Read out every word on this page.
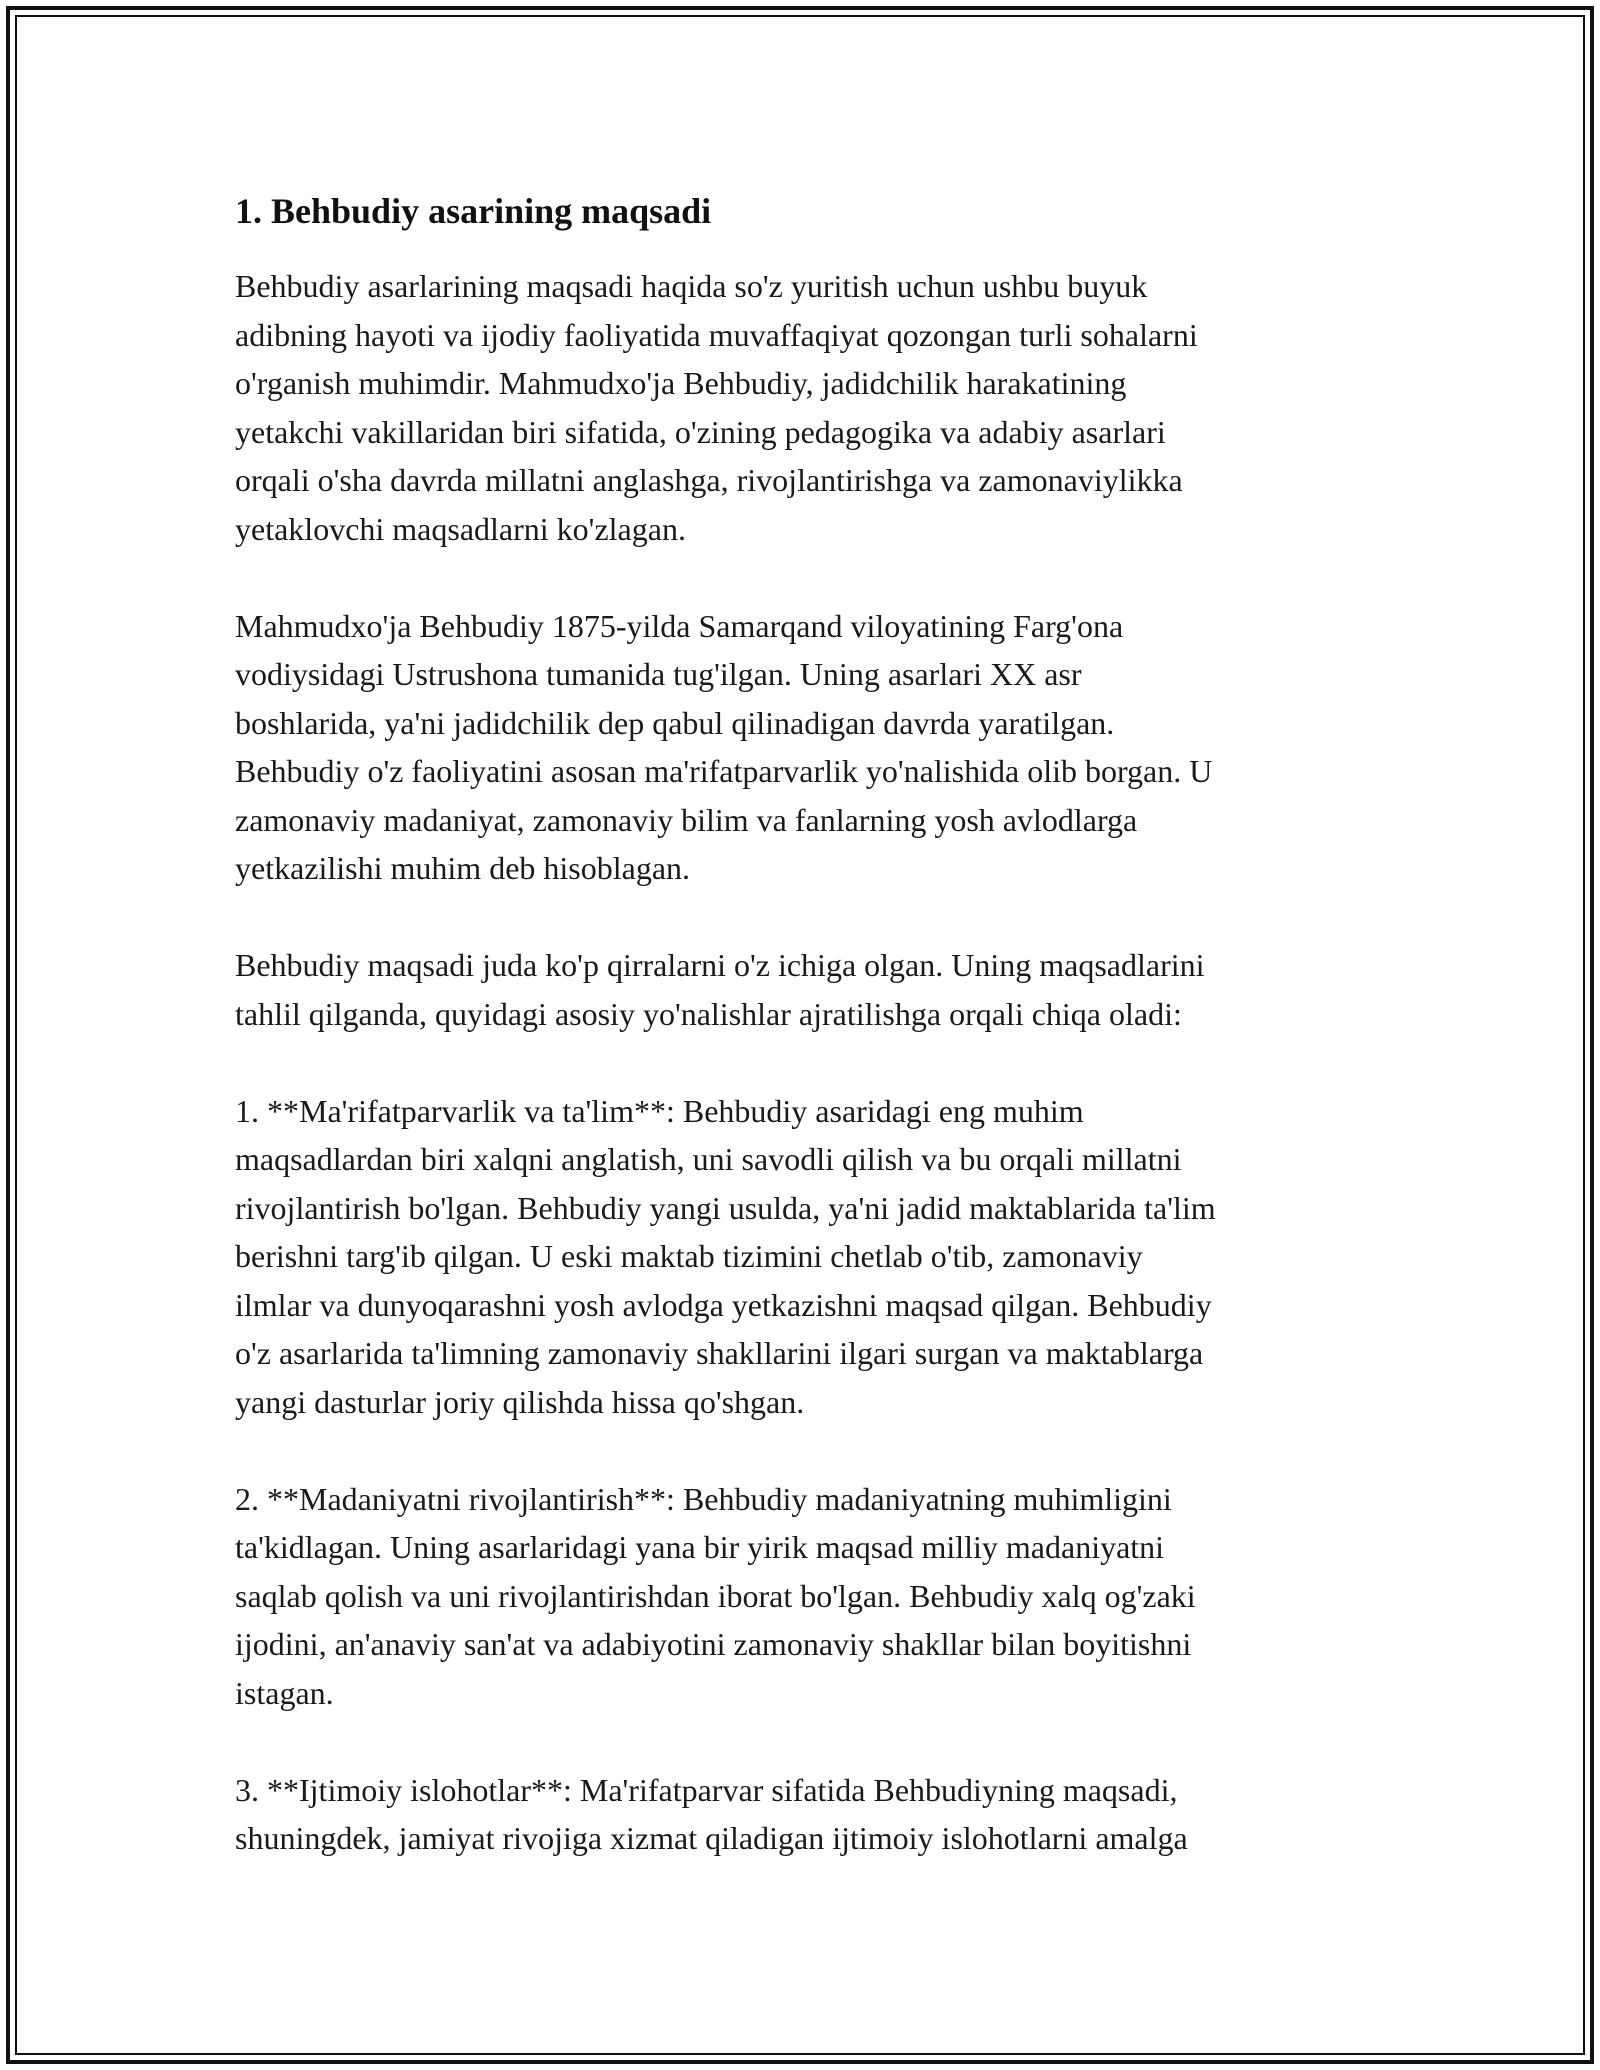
1. Behbudiy asarining maqsadi

Behbudiy asarlarining maqsadi haqida so'z yuritish uchun ushbu buyuk
adibning hayoti va ijodiy faoliyatida muvaffaqiyat qozongan turli sohalarni
o'rganish muhimdir. Mahmudxo'ja Behbudiy, jadidchilik harakatining
yetakchi vakillaridan biri sifatida, o'zining pedagogika va adabiy asarlari
orqali o'sha davrda millatni anglashga, rivojlantirishga va zamonaviylikka
yetaklovchi maqsadlarni ko'zlagan.

Mahmudxo'ja Behbudiy 1875-yilda Samarqand viloyatining Farg'ona
vodiysidagi Ustrushona tumanida tug'ilgan. Uning asarlari XX asr
boshlarida, ya'ni jadidchilik dep qabul qilinadigan davrda yaratilgan.
Behbudiy o'z faoliyatini asosan ma'rifatparvarlik yo'nalishida olib borgan. U
zamonaviy madaniyat, zamonaviy bilim va fanlarning yosh avlodlarga
yetkazilishi muhim deb hisoblagan.

Behbudiy maqsadi juda ko'p qirralarni o'z ichiga olgan. Uning maqsadlarini
tahlil qilganda, quyidagi asosiy yo'nalishlar ajratilishga orqali chiqa oladi:

1. **Ma'rifatparvarlik va ta'lim**: Behbudiy asaridagi eng muhim
maqsadlardan biri xalqni anglatish, uni savodli qilish va bu orqali millatni
rivojlantirish bo'lgan. Behbudiy yangi usulda, ya'ni jadid maktablarida ta'lim
berishni targ'ib qilgan. U eski maktab tizimini chetlab o'tib, zamonaviy
ilmlar va dunyoqarashni yosh avlodga yetkazishni maqsad qilgan. Behbudiy
o'z asarlarida ta'limning zamonaviy shakllarini ilgari surgan va maktablarga
yangi dasturlar joriy qilishda hissa qo'shgan.

2. **Madaniyatni rivojlantirish**: Behbudiy madaniyatning muhimligini
ta'kidlagan. Uning asarlaridagi yana bir yirik maqsad milliy madaniyatni
saqlab qolish va uni rivojlantirishdan iborat bo'lgan. Behbudiy xalq og'zaki
ijodini, an'anaviy san'at va adabiyotini zamonaviy shakllar bilan boyitishni
istagan.

3. **Ijtimoiy islohotlar**: Ma'rifatparvar sifatida Behbudiyning maqsadi,
shuningdek, jamiyat rivojiga xizmat qiladigan ijtimoiy islohotlarni amalga
